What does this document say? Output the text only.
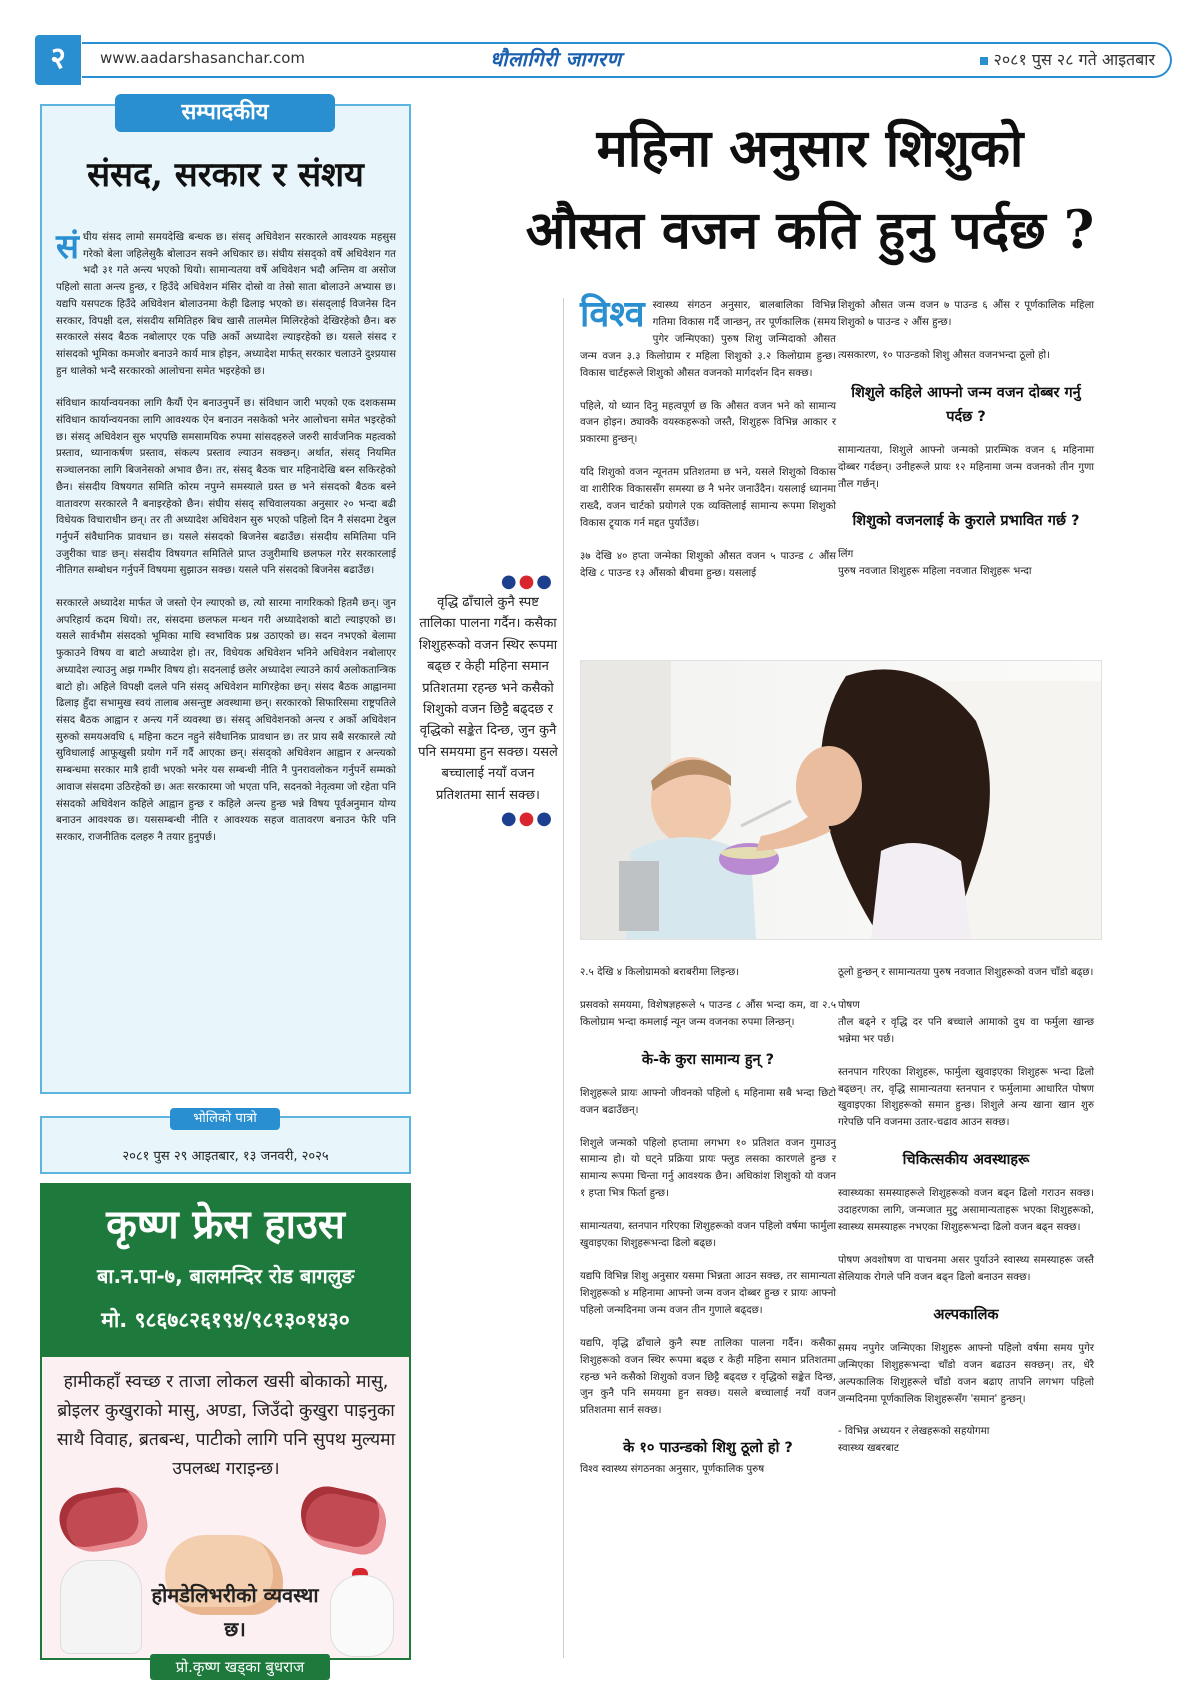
२	www.aadarshasanchar.com	धौलागिरी जागरण	२०८१ पुस २८ गते आइतबार
सम्पादकीय
संसद, सरकार र संशय

संघीय संसद लामो समयदेखि बन्धक छ। संसद् अधिवेशन सरकारले आवश्यक महसुस गरेको बेला जहिलेसुकै बोलाउन सक्ने अधिकार छ। संघीय संसद्को वर्षे अधिवेशन गत भदौ ३१ गते अन्त्य भएको थियो। सामान्यतया वर्षे अधिवेशन भदौ अन्तिम वा असोज पहिलो साता अन्त्य हुन्छ, र हिउँदे अधिवेशन मंसिर दोस्रो वा तेस्रो साता बोलाउने अभ्यास छ। यद्यपि यसपटक हिउँदे अधिवेशन बोलाउनमा केही ढिलाइ भएको छ। संसद्लाई विजनेस दिन सरकार, विपक्षी दल, संसदीय समितिहरु बिच खासै तालमेल मिलिरहेको देखिरहेको छैन। बरु सरकारले संसद बैठक नबोलाएर एक पछि अर्को अध्यादेश ल्याइरहेको छ। यसले संसद र सांसदको भूमिका कमजोर बनाउने कार्य मात्र होइन, अध्यादेश मार्फत् सरकार चलाउने दुश्प्रयास हुन थालेको भन्दै सरकारको आलोचना समेत भइरहेको छ।

संविधान कार्यान्वयनका लागि कैयौं ऐन बनाउनुपर्ने छ। संविधान जारी भएको एक दशकसम्म संविधान कार्यान्वयनका लागि आवश्यक ऐन बनाउन नसकेको भनेर आलोचना समेत भइरहेको छ। संसद् अधिवेशन सुरु भएपछि समसामयिक रुपमा सांसदहरुले जरुरी सार्वजनिक महत्वको प्रस्ताव, ध्यानाकर्षण प्रस्ताव, संकल्प प्रस्ताव ल्याउन सक्छन्। अर्थात, संसद् नियमित सञ्चालनका लागि बिजनेसको अभाव छैन। तर, संसद् बैठक चार महिनादेखि बस्न सकिरहेको छैन। संसदीय विषयगत समिति कोरम नपुग्ने समस्याले ग्रस्त छ भने संसदको बैठक बस्ने वातावरण सरकारले नै बनाइरहेको छैन। संघीय संसद् सचिवालयका अनुसार २० भन्दा बढी विधेयक विचाराधीन छन्। तर ती अध्यादेश अधिवेशन सुरु भएको पहिलो दिन नै संसदमा टेबुल गर्नुपर्ने संवैधानिक प्रावधान छ। यसले संसदको बिजनेस बढाउँछ। संसदीय समितिमा पनि उजुरीका चाङ छन्। संसदीय विषयगत समितिले प्राप्त उजुरीमाथि छलफल गरेर सरकारलाई नीतिगत सम्बोधन गर्नुपर्ने विषयमा सुझाउन सक्छ। यसले पनि संसदको बिजनेस बढाउँछ।

सरकारले अध्यादेश मार्फत जे जस्तो ऐन ल्याएको छ, त्यो सारमा नागरिकको हितमै छन्। जुन अपरिहार्य कदम थियो। तर, संसदमा छलफल मन्थन गरी अध्यादेशको बाटो ल्याइएको छ। यसले सार्वभौम संसदको भूमिका माथि स्वभाविक प्रश्न उठाएको छ। सदन नभएको बेलामा फुकाउने विषय वा बाटो अध्यादेश हो। तर, विधेयक अधिवेशन भनिने अधिवेशन नबोलाएर अध्यादेश ल्याउनु अझ गम्भीर विषय हो। सदनलाई छलेर अध्यादेश ल्याउने कार्य अलोकतान्त्रिक बाटो हो। अहिले विपक्षी दलले पनि संसद् अधिवेशन मागिरहेका छन्। संसद बैठक आह्वानमा ढिलाइ हुँदा सभामुख स्वयं तालाब असन्तुष्ट अवस्थामा छन्। सरकारको सिफारिसमा राष्ट्रपतिले संसद बैठक आह्वान र अन्त्य गर्ने व्यवस्था छ। संसद् अधिवेशनको अन्त्य र अर्को अधिवेशन सुरुको समयअवधि ६ महिना कटन नहुने संवैधानिक प्रावधान छ। तर प्राय सबै सरकारले त्यो सुविधालाई आफूखुसी प्रयोग गर्ने गर्दै आएका छन्। संसद्को अधिवेशन आह्वान र अन्त्यको सम्बन्धमा सरकार मात्रै हावी भएको भनेर यस सम्बन्धी नीति नै पुनरावलोकन गर्नुपर्ने सम्मको आवाज संसदमा उठिरहेको छ। अतः सरकारमा जो भएता पनि, सदनको नेतृत्वमा जो रहेता पनि संसदको अधिवेशन कहिले आह्वान हुन्छ र कहिले अन्त्य हुन्छ भन्ने विषय पूर्वअनुमान योग्य बनाउन आवश्यक छ। यससम्बन्धी नीति र आवश्यक सहज वातावरण बनाउन फेरि पनि सरकार, राजनीतिक दलहरु नै तयार हुनुपर्छ।

भोलिको पात्रो
२०८१ पुस २९ आइतबार, १३ जनवरी, २०२५
कृष्ण फ्रेस हाउस
बा.न.पा-७, बालमन्दिर रोड बागलुङ
मो. ९८६७८२६१९४/९८१३०१४३०
हामीकहाँ स्वच्छ र ताजा लोकल खसी बोकाको मासु, ब्रोइलर कुखुराको मासु, अण्डा, जिउँदो कुखुरा पाइनुका साथै विवाह, ब्रतबन्ध, पाटीको लागि पनि सुपथ मुल्यमा उपलब्ध गराइन्छ।
होमडेलिभरीको व्यवस्था छ।
प्रो.कृष्ण खड्का बुधराज
महिना अनुसार शिशुको
औसत वजन कति हुनु पर्दछ ?
●●●
वृद्धि ढाँचाले कुनै स्पष्ट तालिका पालना गर्दैन। कसैका शिशुहरूको वजन स्थिर रूपमा बढ्छ र केही महिना समान प्रतिशतमा रहन्छ भने कसैको शिशुको वजन छिट्टै बढ्दछ र वृद्धिको सङ्केत दिन्छ, जुन कुनै पनि समयमा हुन सक्छ। यसले बच्चालाई नयाँ वजन प्रतिशतमा सार्न सक्छ।
●●●

विश्व स्वास्थ्य संगठन अनुसार, बालबालिका विभिन्न गतिमा विकास गर्दै जान्छन्, तर पूर्णकालिक (समय पुगेर जन्मिएका) पुरुष शिशु जन्मिदाको औसत जन्म वजन ३.३ किलोग्राम र महिला शिशुको ३.२ किलोग्राम हुन्छ। विकास चार्टहरूले शिशुको औसत वजनको मार्गदर्शन दिन सक्छ।

पहिले, यो ध्यान दिनु महत्वपूर्ण छ कि औसत वजन भने को सामान्य वजन होइन। ठ्याक्कै वयस्कहरूको जस्तै, शिशुहरू विभिन्न आकार र प्रकारमा हुन्छन्।

यदि शिशुको वजन न्यूनतम प्रतिशतमा छ भने, यसले शिशुको विकास वा शारीरिक विकाससँग समस्या छ नै भनेर जनाउँदैन। यसलाई ध्यानमा राख्दै, वजन चार्टको प्रयोगले एक व्यक्तिलाई सामान्य रूपमा शिशुको विकास ट्र्याक गर्न मद्दत पुर्याउँछ।

३७ देखि ४० हप्ता जन्मेका शिशुको औसत वजन ५ पाउन्ड ८ औंस देखि ८ पाउन्ड १३ औंसको बीचमा हुन्छ। यसलाई

शिशुको औसत जन्म वजन ७ पाउन्ड ६ औंस र पूर्णकालिक महिला शिशुको ७ पाउन्ड २ औंस हुन्छ।

त्यसकारण, १० पाउन्डको शिशु औसत वजनभन्दा ठूलो हो।

शिशुले कहिले आफ्नो जन्म वजन दोब्बर गर्नु पर्दछ ?

सामान्यतया, शिशुले आफ्नो जन्मको प्रारम्भिक वजन ६ महिनामा दोब्बर गर्दछन्। उनीहरूले प्रायः १२ महिनामा जन्म वजनको तीन गुणा तौल गर्छन्।

शिशुको वजनलाई के कुराले प्रभावित गर्छ ?

लिंग

पुरुष नवजात शिशुहरू महिला नवजात शिशुहरू भन्दा

२.५ देखि ४ किलोग्रामको बराबरीमा लिइन्छ।

प्रसवको समयमा, विशेषज्ञहरूले ५ पाउन्ड ८ औंस भन्दा कम, वा २.५ किलोग्राम भन्दा कमलाई न्यून जन्म वजनका रुपमा लिन्छन्।

के-के कुरा सामान्य हुन् ?

शिशुहरूले प्रायः आफ्नो जीवनको पहिलो ६ महिनामा सबै भन्दा छिटो वजन बढाउँछन्।

शिशुले जन्मको पहिलो हप्तामा लगभग १० प्रतिशत वजन गुमाउनु सामान्य हो। यो घट्ने प्रक्रिया प्रायः फ्लुड लसका कारणले हुन्छ र सामान्य रूपमा चिन्ता गर्नु आवश्यक छैन। अधिकांश शिशुको यो वजन १ हप्ता भित्र फिर्ता हुन्छ।

सामान्यतया, स्तनपान गरिएका शिशुहरूको वजन पहिलो वर्षमा फार्मुला खुवाइएका शिशुहरूभन्दा ढिलो बढ्छ।

यद्यपि विभिन्न शिशु अनुसार यसमा भिन्नता आउन सक्छ, तर सामान्यता शिशुहरूको ४ महिनामा आफ्नो जन्म वजन दोब्बर हुन्छ र प्रायः आफ्नो पहिलो जन्मदिनमा जन्म वजन तीन गुणाले बढ्दछ।

यद्यपि, वृद्धि ढाँचाले कुनै स्पष्ट तालिका पालना गर्दैन। कसैका शिशुहरूको वजन स्थिर रूपमा बढ्छ र केही महिना समान प्रतिशतमा रहन्छ भने कसैको शिशुको वजन छिट्टै बढ्दछ र वृद्धिको सङ्केत दिन्छ, जुन कुनै पनि समयमा हुन सक्छ। यसले बच्चालाई नयाँ वजन प्रतिशतमा सार्न सक्छ।

के १० पाउन्डको शिशु ठूलो हो ?

विश्व स्वास्थ्य संगठनका अनुसार, पूर्णकालिक पुरुष

ठूलो हुन्छन् र सामान्यतया पुरुष नवजात शिशुहरूको वजन चाँडो बढ्छ।

पोषण

तौल बढ्ने र वृद्धि दर पनि बच्चाले आमाको दुध वा फर्मुला खान्छ भन्नेमा भर पर्छ।

स्तनपान गरिएका शिशुहरू, फार्मुला खुवाइएका शिशुहरू भन्दा ढिलो बढ्छन्। तर, वृद्धि सामान्यतया स्तनपान र फर्मुलामा आधारित पोषण खुवाइएका शिशुहरूको समान हुन्छ। शिशुले अन्य खाना खान शुरु गरेपछि पनि वजनमा उतार-चढाव आउन सक्छ।

चिकित्सकीय अवस्थाहरू

स्वास्थ्यका समस्याहरूले शिशुहरूको वजन बढ्न ढिलो गराउन सक्छ। उदाहरणका लागि, जन्मजात मुटु असामान्यताहरू भएका शिशुहरूको, स्वास्थ्य समस्याहरू नभएका शिशुहरूभन्दा ढिलो वजन बढ्न सक्छ।

पोषण अवशोषण वा पाचनमा असर पुर्याउने स्वास्थ्य समस्याहरू जस्तै सेलियाक रोगले पनि वजन बढ्न ढिलो बनाउन सक्छ।

अल्पकालिक

समय नपुगेर जन्मिएका शिशुहरू आफ्नो पहिलो वर्षमा समय पुगेर जन्मिएका शिशुहरूभन्दा चाँडो वजन बढाउन सक्छन्। तर, धेरै अल्पकालिक शिशुहरूले चाँडो वजन बढाए तापनि लगभग पहिलो जन्मदिनमा पूर्णकालिक शिशुहरूसँग 'समान' हुन्छन्।

- विभिन्न अध्ययन र लेखहरूको सहयोगमा

स्वास्थ्य खबरबाट
